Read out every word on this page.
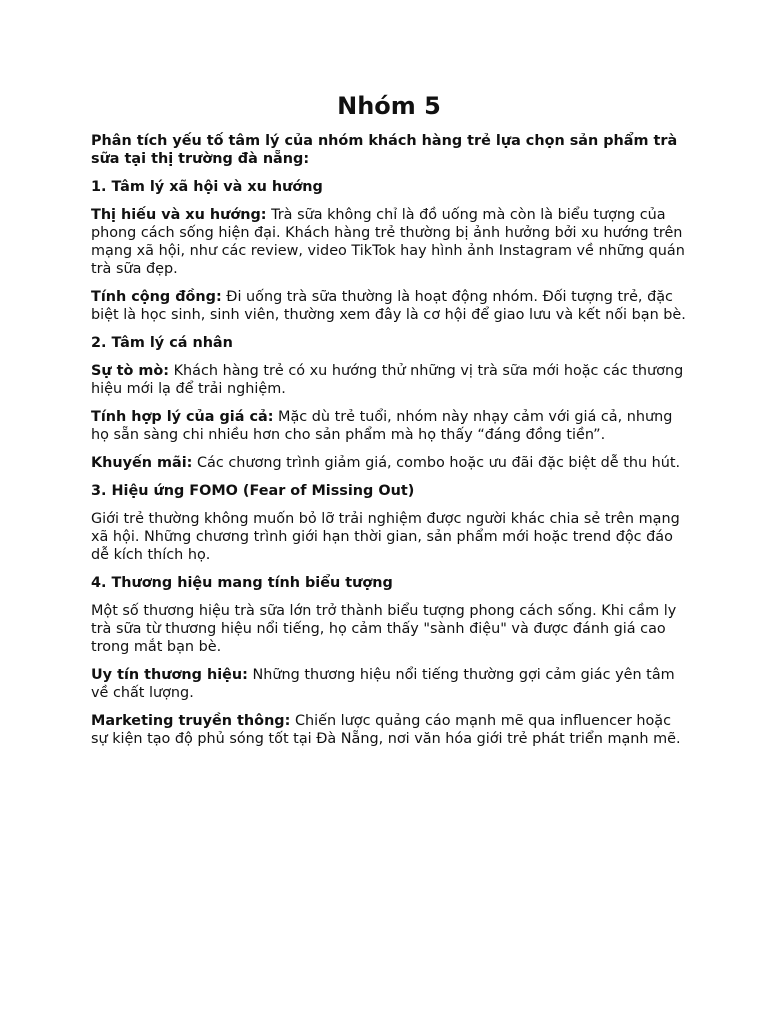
Nhóm 5
Phân tích yếu tố tâm lý của nhóm khách hàng trẻ lựa chọn sản phẩm trà sữa tại thị trường đà nẵng:
1. Tâm lý xã hội và xu hướng

Thị hiếu và xu hướng: Trà sữa không chỉ là đồ uống mà còn là biểu tượng của phong cách sống hiện đại. Khách hàng trẻ thường bị ảnh hưởng bởi xu hướng trên mạng xã hội, như các review, video TikTok hay hình ảnh Instagram về những quán trà sữa đẹp.

Tính cộng đồng: Đi uống trà sữa thường là hoạt động nhóm. Đối tượng trẻ, đặc biệt là học sinh, sinh viên, thường xem đây là cơ hội để giao lưu và kết nối bạn bè.

2. Tâm lý cá nhân

Sự tò mò: Khách hàng trẻ có xu hướng thử những vị trà sữa mới hoặc các thương hiệu mới lạ để trải nghiệm.

Tính hợp lý của giá cả: Mặc dù trẻ tuổi, nhóm này nhạy cảm với giá cả, nhưng họ sẵn sàng chi nhiều hơn cho sản phẩm mà họ thấy “đáng đồng tiền”.

Khuyến mãi: Các chương trình giảm giá, combo hoặc ưu đãi đặc biệt dễ thu hút.

3. Hiệu ứng FOMO (Fear of Missing Out)

Giới trẻ thường không muốn bỏ lỡ trải nghiệm được người khác chia sẻ trên mạng xã hội. Những chương trình giới hạn thời gian, sản phẩm mới hoặc trend độc đáo dễ kích thích họ.

4. Thương hiệu mang tính biểu tượng

Một số thương hiệu trà sữa lớn trở thành biểu tượng phong cách sống. Khi cầm ly trà sữa từ thương hiệu nổi tiếng, họ cảm thấy "sành điệu" và được đánh giá cao trong mắt bạn bè.

Uy tín thương hiệu: Những thương hiệu nổi tiếng thường gợi cảm giác yên tâm về chất lượng.

Marketing truyền thông: Chiến lược quảng cáo mạnh mẽ qua influencer hoặc sự kiện tạo độ phủ sóng tốt tại Đà Nẵng, nơi văn hóa giới trẻ phát triển mạnh mẽ.
